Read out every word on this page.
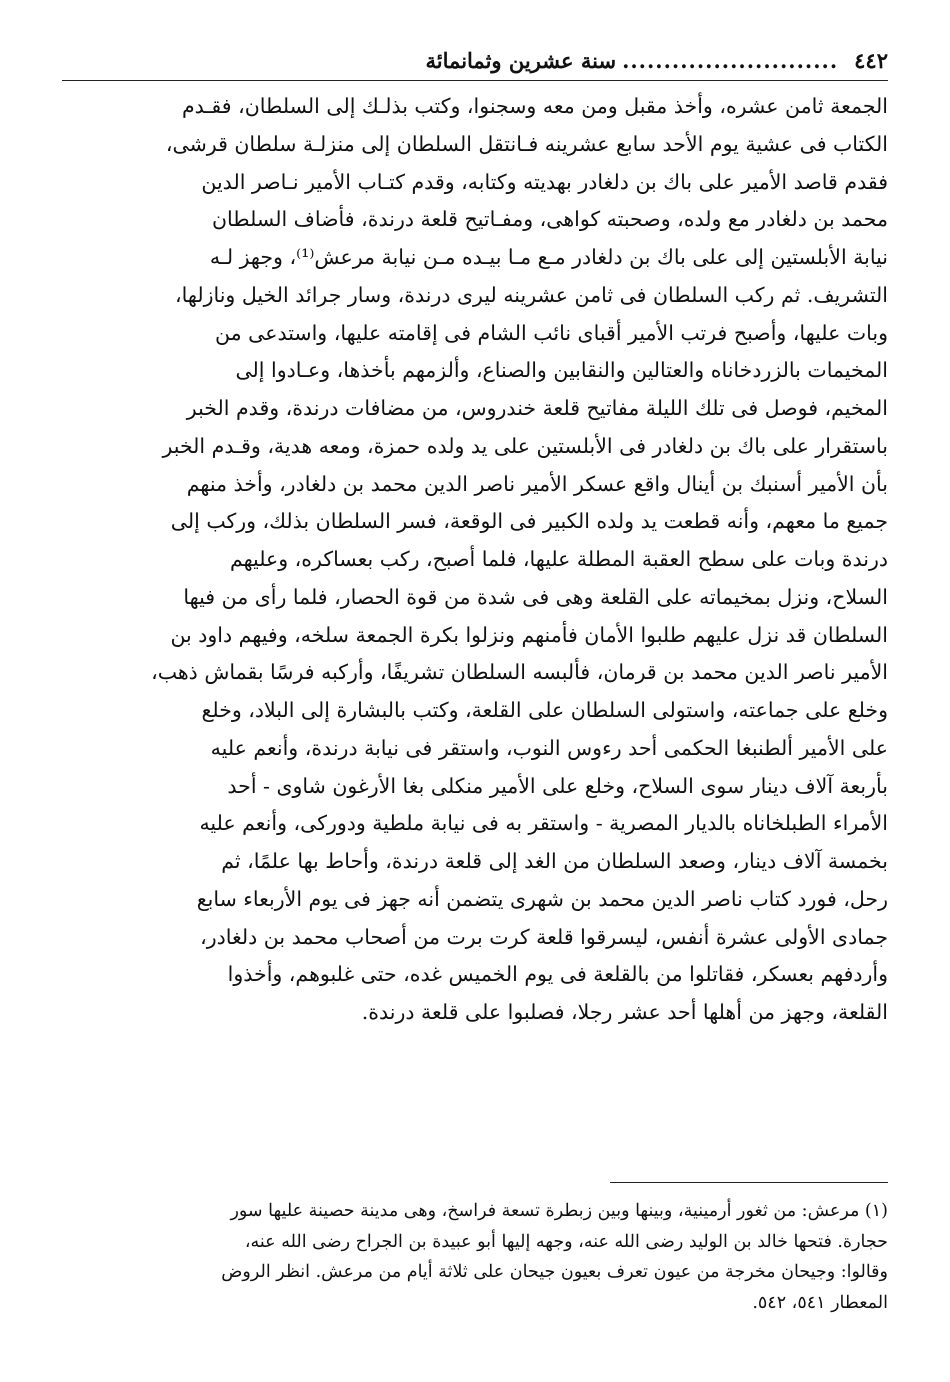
٤٤٢
..........................
سنة عشرين وثمانمائة
الجمعة ثامن عشره، وأخذ مقبل ومن معه وسجنوا، وكتب بذلـك إلى السلطان، فقـدم
الكتاب فى عشية يوم الأحد سابع عشرينه فـانتقل السلطان إلى منزلـة سلطان قرشى،
فقدم قاصد الأمير على باك بن دلغادر بهديته وكتابه، وقدم كتـاب الأمير نـاصر الدين
محمد بن دلغادر مع ولده، وصحبته كواهى، ومفـاتيح قلعة درندة، فأضاف السلطان
نيابة الأبلستين إلى على باك بن دلغادر مـع مـا بيـده مـن نيابة مرعش⁽¹⁾، وجهز لـه
التشريف. ثم ركب السلطان فى ثامن عشرينه ليرى درندة، وسار جرائد الخيل ونازلها،
وبات عليها، وأصبح فرتب الأمير أقباى نائب الشام فى إقامته عليها، واستدعى من
المخيمات بالزردخاناه والعتالين والنقابين والصناع، وألزمهم بأخذها، وعـادوا إلى
المخيم، فوصل فى تلك الليلة مفاتيح قلعة خندروس، من مضافات درندة، وقدم الخبر
باستقرار على باك بن دلغادر فى الأبلستين على يد ولده حمزة، ومعه هدية، وقـدم الخبر
بأن الأمير أسنبك بن أينال واقع عسكر الأمير ناصر الدين محمد بن دلغادر، وأخذ منهم
جميع ما معهم، وأنه قطعت يد ولده الكبير فى الوقعة، فسر السلطان بذلك، وركب إلى
درندة وبات على سطح العقبة المطلة عليها، فلما أصبح، ركب بعساكره، وعليهم
السلاح، ونزل بمخيماته على القلعة وهى فى شدة من قوة الحصار، فلما رأى من فيها
السلطان قد نزل عليهم طلبوا الأمان فأمنهم ونزلوا بكرة الجمعة سلخه، وفيهم داود بن
الأمير ناصر الدين محمد بن قرمان، فألبسه السلطان تشريفًا، وأركبه فرسًا بقماش ذهب،
وخلع على جماعته، واستولى السلطان على القلعة، وكتب بالبشارة إلى البلاد، وخلع
على الأمير ألطنبغا الحكمى أحد رءوس النوب، واستقر فى نيابة درندة، وأنعم عليه
بأربعة آلاف دينار سوى السلاح، وخلع على الأمير منكلى بغا الأرغون شاوى - أحد
الأمراء الطبلخاناه بالديار المصرية - واستقر به فى نيابة ملطية ودوركى، وأنعم عليه
بخمسة آلاف دينار، وصعد السلطان من الغد إلى قلعة درندة، وأحاط بها علمًا، ثم
رحل، فورد كتاب ناصر الدين محمد بن شهرى يتضمن أنه جهز فى يوم الأربعاء سابع
جمادى الأولى عشرة أنفس، ليسرقوا قلعة كرت برت من أصحاب محمد بن دلغادر،
وأردفهم بعسكر، فقاتلوا من بالقلعة فى يوم الخميس غده، حتى غلبوهم، وأخذوا
القلعة، وجهز من أهلها أحد عشر رجلا، فصلبوا على قلعة درندة.
(١) مرعش: من ثغور أرمينية، وبينها وبين زبطرة تسعة فراسخ، وهى مدينة حصينة عليها سور
حجارة. فتحها خالد بن الوليد رضى الله عنه، وجهه إليها أبو عبيدة بن الجراح رضى الله عنه،
وقالوا: وجيحان مخرجة من عيون تعرف بعيون جيحان على ثلاثة أيام من مرعش. انظر الروض
المعطار ٥٤١، ٥٤٢.
